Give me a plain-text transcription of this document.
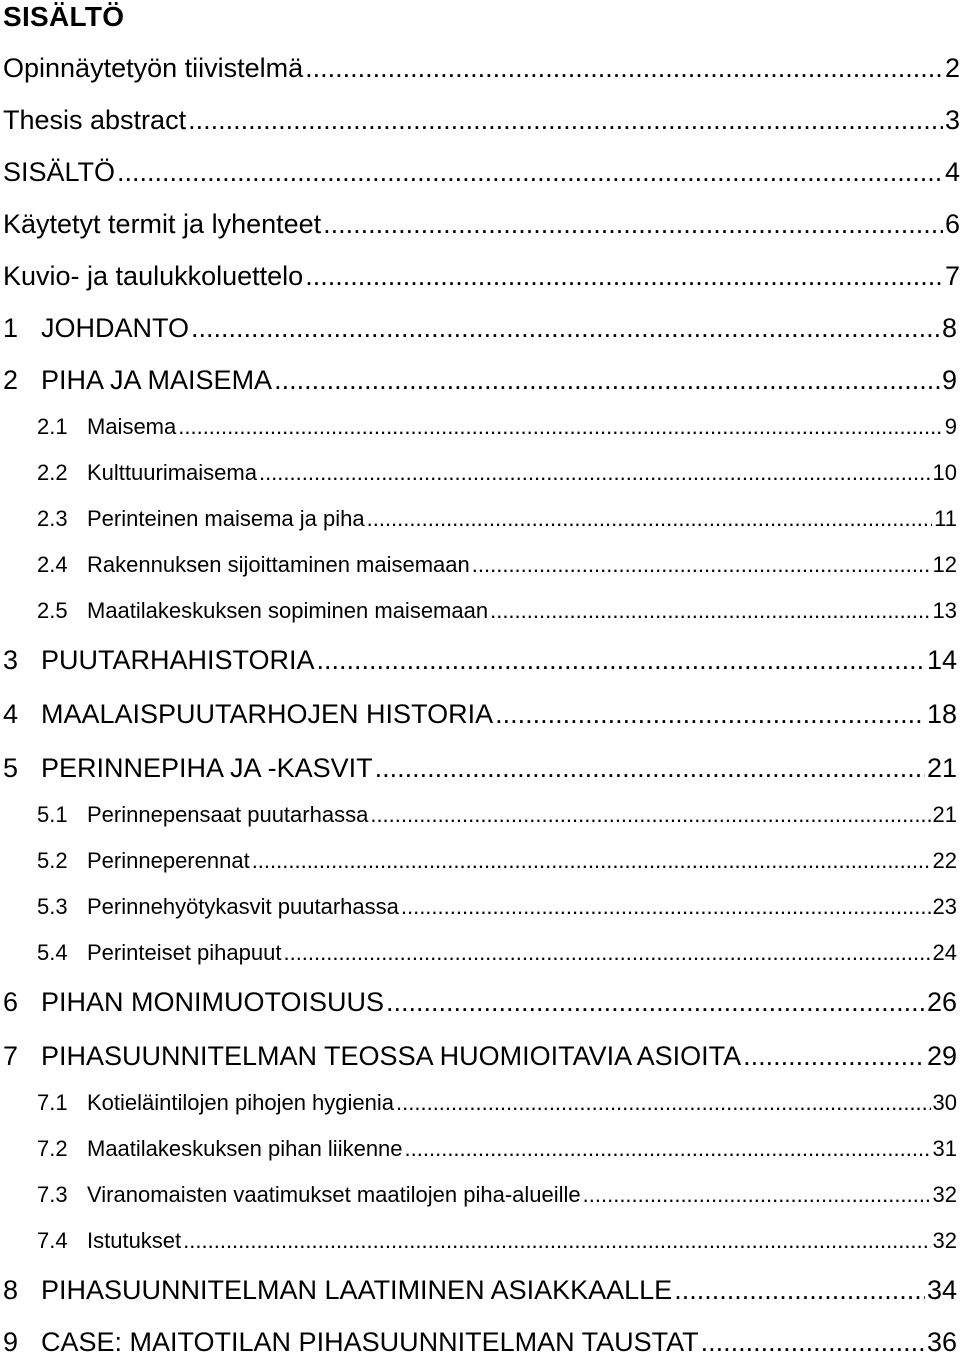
SISÄLTÖ
Opinnäytetyön tiivistelmä .....	2
Thesis abstract .....	3
SISÄLTÖ .....	4
Käytetyt termit ja lyhenteet .....	6
Kuvio- ja taulukkoluettelo .....	7
1 JOHDANTO .....	8
2 PIHA JA MAISEMA .....	9
2.1 Maisema .....	9
2.2 Kulttuurimaisema .....	10
2.3 Perinteinen maisema ja piha .....	11
2.4 Rakennuksen sijoittaminen maisemaan .....	12
2.5 Maatilakeskuksen sopiminen maisemaan .....	13
3 PUUTARHAHISTORIA .....	14
4 MAALAISPUUTARHOJEN HISTORIA .....	18
5 PERINNEPIHA JA -KASVIT .....	21
5.1 Perinnepensaat puutarhassa .....	21
5.2 Perinneperennat .....	22
5.3 Perinnehyötykasvit puutarhassa .....	23
5.4 Perinteiset pihapuut .....	24
6 PIHAN MONIMUOTOISUUS .....	26
7 PIHASUUNNITELMAN TEOSSA HUOMIOITAVIA ASIOITA .....	29
7.1 Kotieläintilojen pihojen hygienia .....	30
7.2 Maatilakeskuksen pihan liikenne .....	31
7.3 Viranomaisten vaatimukset maatilojen piha-alueille .....	32
7.4 Istutukset .....	32
8 PIHASUUNNITELMAN LAATIMINEN ASIAKKAALLE .....	34
9 CASE: MAITOTILAN PIHASUUNNITELMAN TAUSTAT .....	36
